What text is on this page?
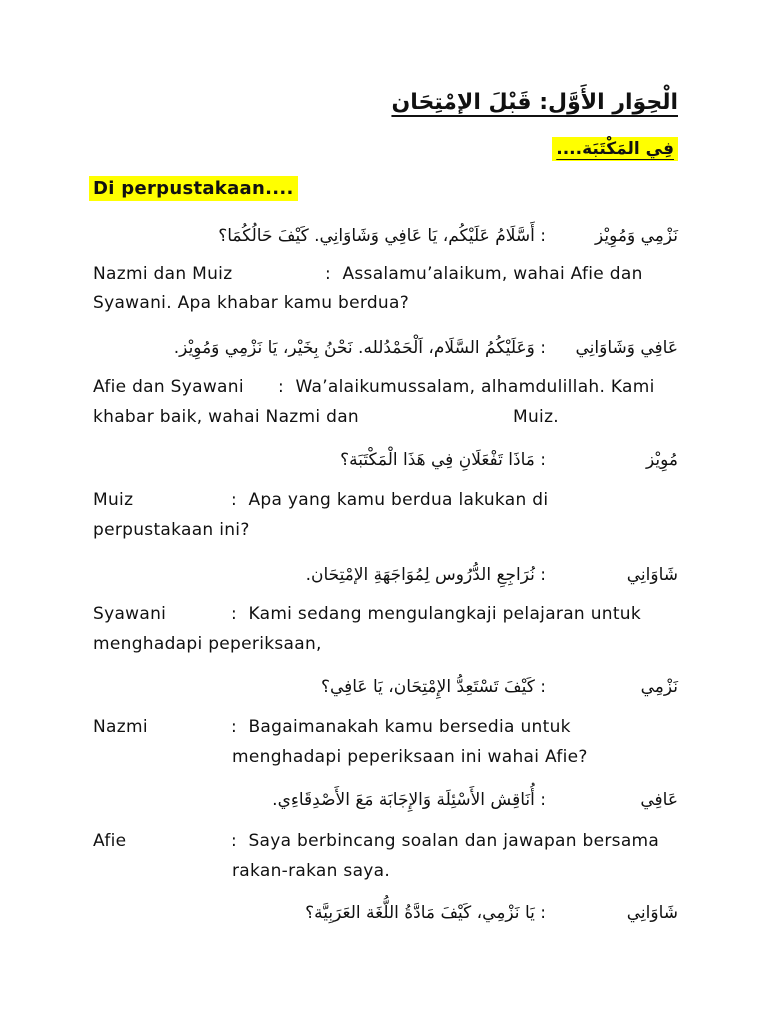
الْحِوَار الأَوَّل: قَبْلَ الإمْتِحَان
فِي المَكْتَبَة....
Di perpustakaan....
نَزْمِي وَمُوِيْز
: أَسَّلَامُ عَلَيْكُم، يَا عَافِي وَشَاوَانِي. كَيْفَ حَالُكُمَا؟
Nazmi dan Muiz	: Assalamu’alaikum, wahai Afie dan
Syawani. Apa khabar kamu berdua?
عَافِي وَشَاوَانِي
: وَعَلَيْكُمُ السَّلَام، اَلْحَمْدُلله. نَحْنُ بِخَيْر، يَا نَزْمِي وَمُوِيْز.
Afie dan Syawani : Wa’alaikumussalam, alhamdulillah. Kami
khabar baik, wahai Nazmi dan	Muiz.
مُوِيْز
: مَاذَا تَفْعَلَانِ فِي هَذَا الْمَكْتَبَة؟
Muiz	: Apa yang kamu berdua lakukan di
perpustakaan ini?
شَاوَانِي
: نُرَاجِعِ الدُّرُوس لِمُوَاجَهَةِ الإمْتِحَان.
Syawani	: Kami sedang mengulangkaji pelajaran untuk
menghadapi peperiksaan,
نَزْمِي
: كَيْفَ تَسْتَعِدُّ الإِمْتِحَان، يَا عَافِي؟
Nazmi	: Bagaimanakah kamu bersedia untuk
menghadapi peperiksaan ini wahai Afie?
عَافِي
: أُنَاقِش الأَسْئِلَة وَالإِجَابَة مَعَ الأَصْدِقَاءِي.
Afie	: Saya berbincang soalan dan jawapan bersama
rakan-rakan saya.
شَاوَانِي
: يَا نَزْمِي، كَيْفَ مَادَّةُ اللُّغَة العَرَبِيَّة؟
